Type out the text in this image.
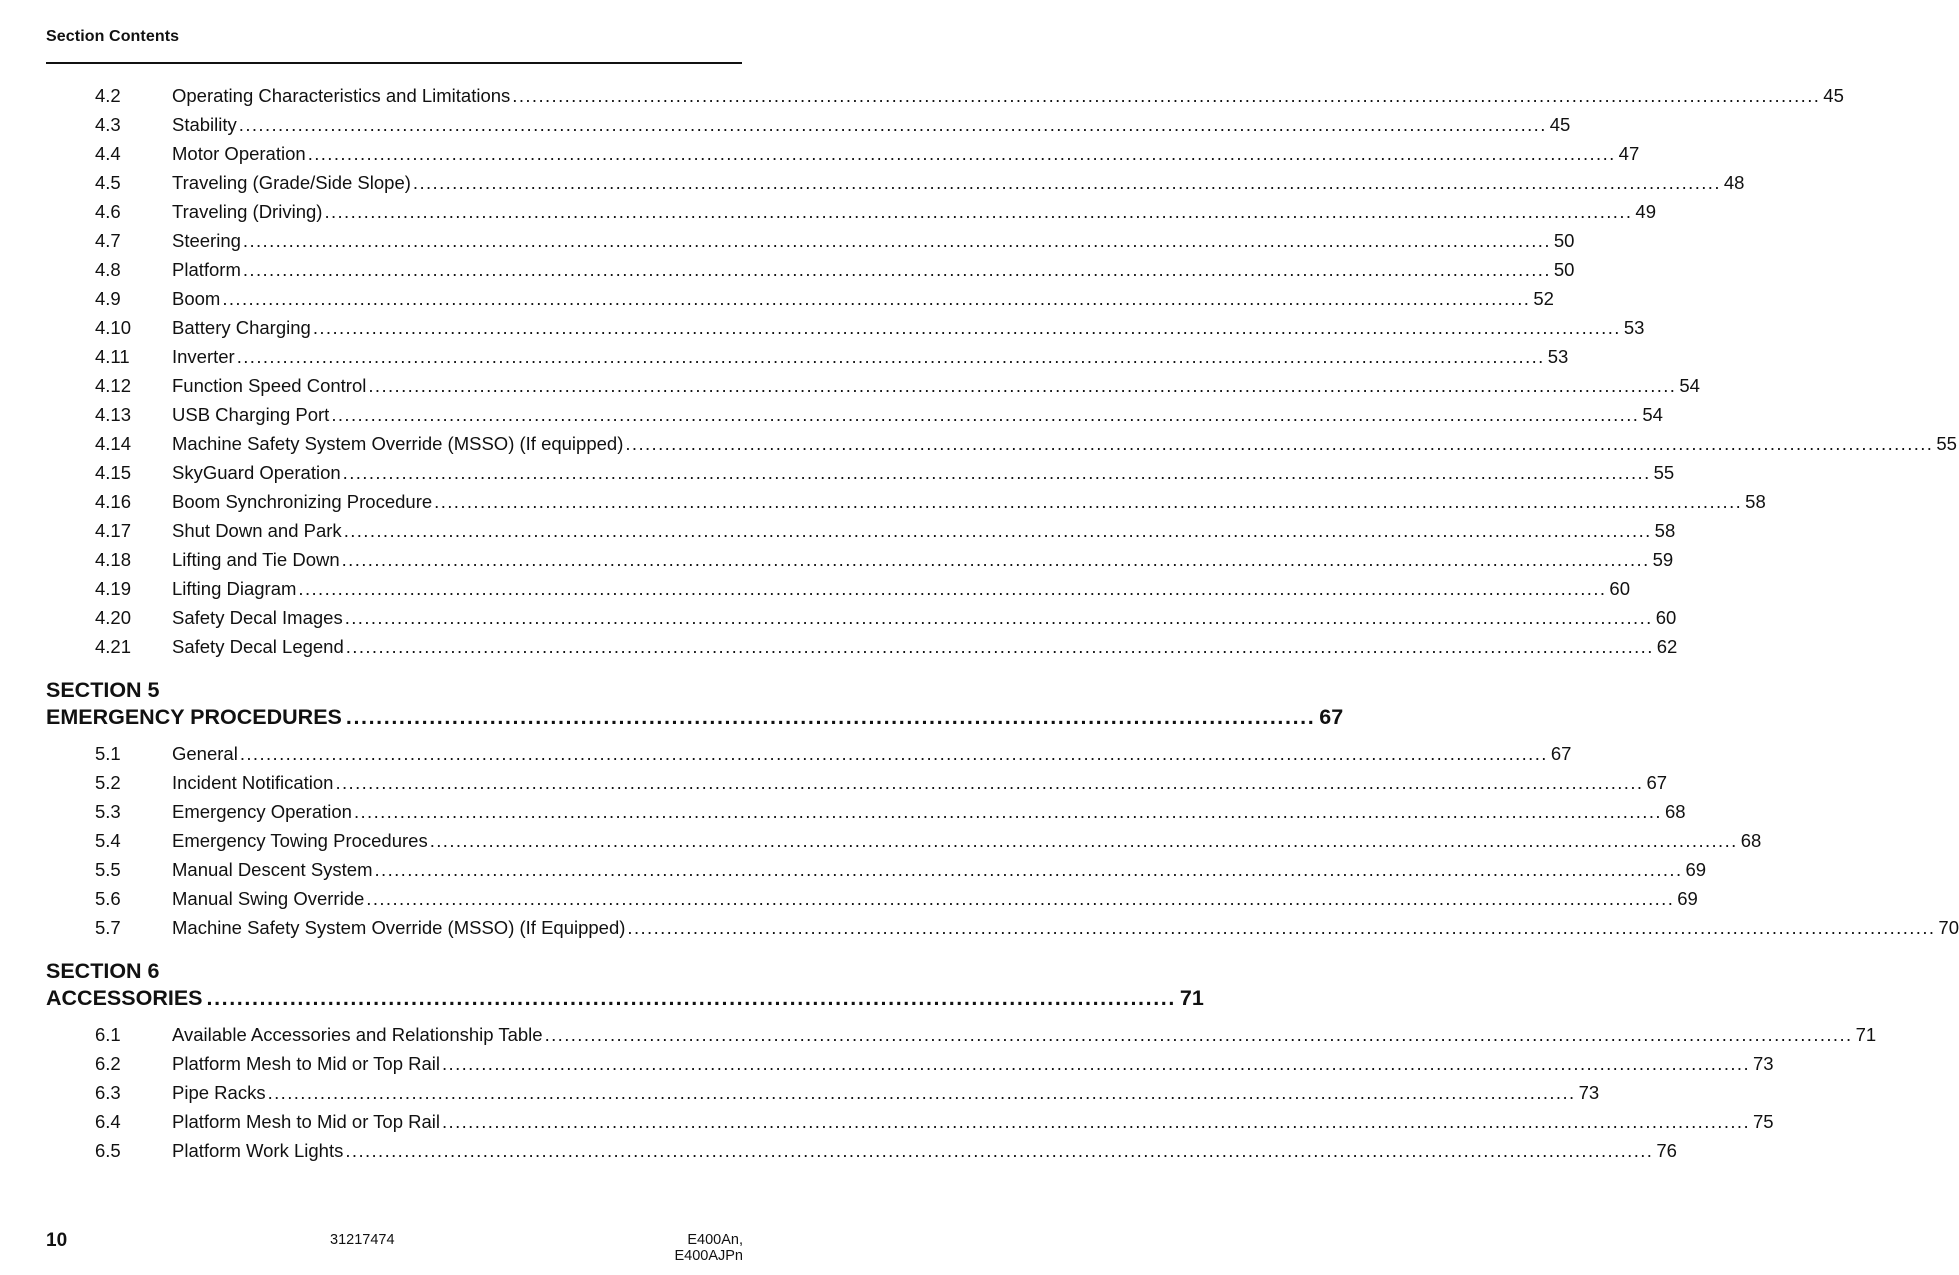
Section Contents
4.2	Operating Characteristics and Limitations ........................................................................................................................................................................................................ 45
4.3	Stability ........................................................................................................................................................................................................ 45
4.4	Motor Operation ........................................................................................................................................................................................................ 47
4.5	Traveling (Grade/Side Slope) ........................................................................................................................................................................................................ 48
4.6	Traveling (Driving) ........................................................................................................................................................................................................ 49
4.7	Steering ........................................................................................................................................................................................................ 50
4.8	Platform ........................................................................................................................................................................................................ 50
4.9	Boom ........................................................................................................................................................................................................ 52
4.10	Battery Charging ........................................................................................................................................................................................................ 53
4.11	Inverter ........................................................................................................................................................................................................ 53
4.12	Function Speed Control ........................................................................................................................................................................................................ 54
4.13	USB Charging Port ........................................................................................................................................................................................................ 54
4.14	Machine Safety System Override (MSSO) (If equipped) ........................................................................................................................................................................................................ 55
4.15	SkyGuard Operation ........................................................................................................................................................................................................ 55
4.16	Boom Synchronizing Procedure ........................................................................................................................................................................................................ 58
4.17	Shut Down and Park ........................................................................................................................................................................................................ 58
4.18	Lifting and Tie Down ........................................................................................................................................................................................................ 59
4.19	Lifting Diagram ........................................................................................................................................................................................................ 60
4.20	Safety Decal Images ........................................................................................................................................................................................................ 60
4.21	Safety Decal Legend ........................................................................................................................................................................................................ 62
SECTION 5
EMERGENCY PROCEDURES ................................................................................................................................ 67
5.1	General ........................................................................................................................................................................................................ 67
5.2	Incident Notification ........................................................................................................................................................................................................ 67
5.3	Emergency Operation ........................................................................................................................................................................................................ 68
5.4	Emergency Towing Procedures ........................................................................................................................................................................................................ 68
5.5	Manual Descent System ........................................................................................................................................................................................................ 69
5.6	Manual Swing Override ........................................................................................................................................................................................................ 69
5.7	Machine Safety System Override (MSSO) (If Equipped) ........................................................................................................................................................................................................ 70
SECTION 6
ACCESSORIES ................................................................................................................................ 71
6.1	Available Accessories and Relationship Table ........................................................................................................................................................................................................ 71
6.2	Platform Mesh to Mid or Top Rail ........................................................................................................................................................................................................ 73
6.3	Pipe Racks ........................................................................................................................................................................................................ 73
6.4	Platform Mesh to Mid or Top Rail ........................................................................................................................................................................................................ 75
6.5	Platform Work Lights ........................................................................................................................................................................................................ 76
10	31217474	E400An, E400AJPn
